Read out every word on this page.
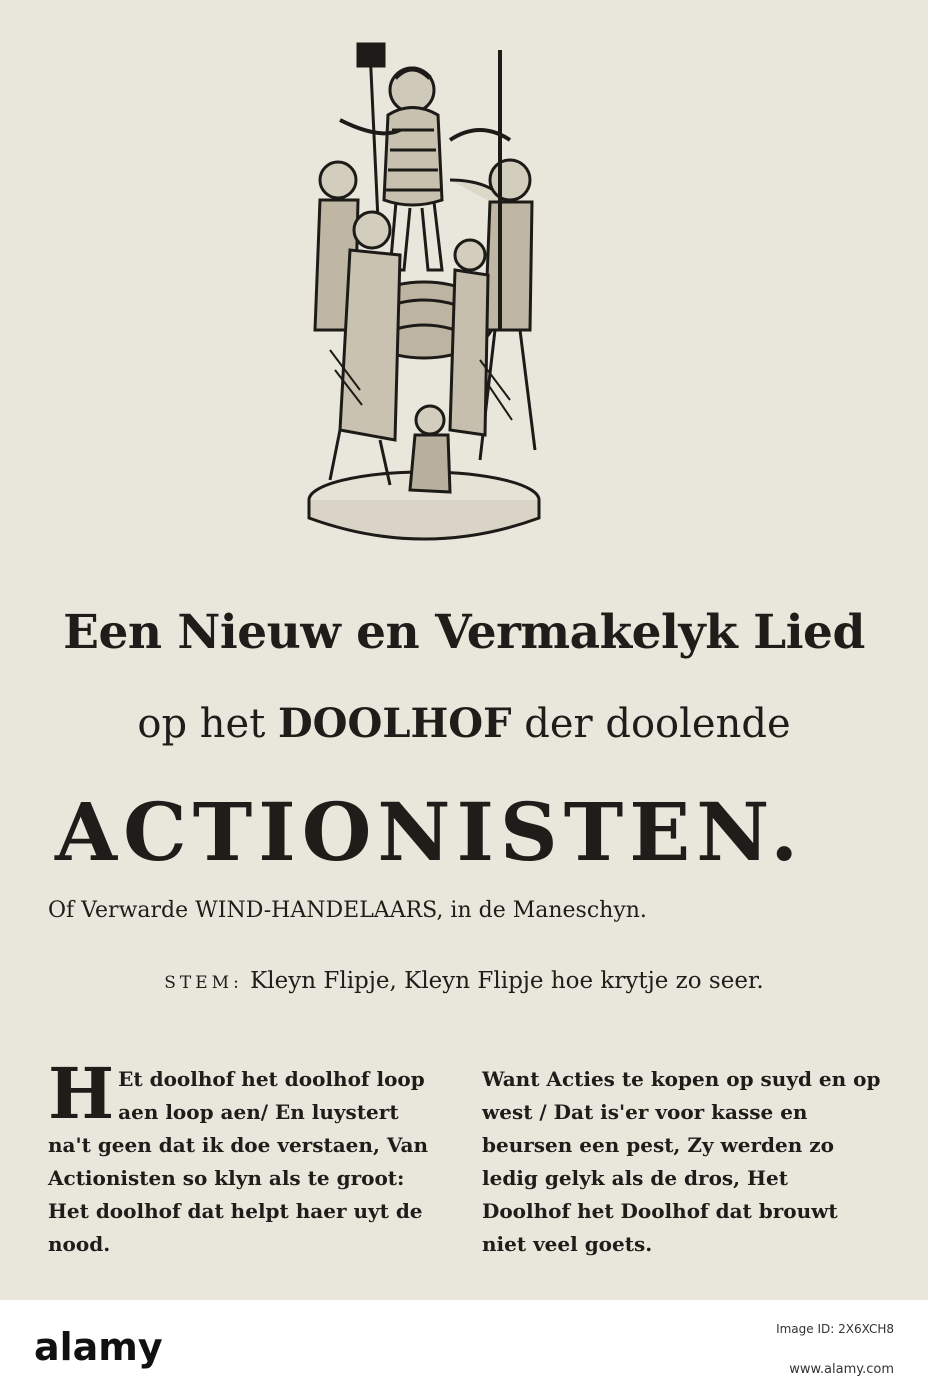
Een Nieuw en Vermakelyk Lied
op het DOOLHOF der doolende
ACTIONISTEN.
Of Verwarde WIND-HANDELAARS, in de Maneschyn.
STEM: Kleyn Flipje, Kleyn Flipje hoe krytje zo seer.
H Et doolhof het doolhof loop aen loop aen/ En luystert na't geen dat ik doe verstaen, Van Actionisten so klyn als te groot: Het doolhof dat helpt haer uyt de nood.
Want Acties te kopen op suyd en op west / Dat is'er voor kasse en beursen een pest, Zy werden zo ledig gelyk als de dros, Het Doolhof het Doolhof dat brouwt niet veel goets.
alamy	Image ID: 2X6XCH8
www.alamy.com
